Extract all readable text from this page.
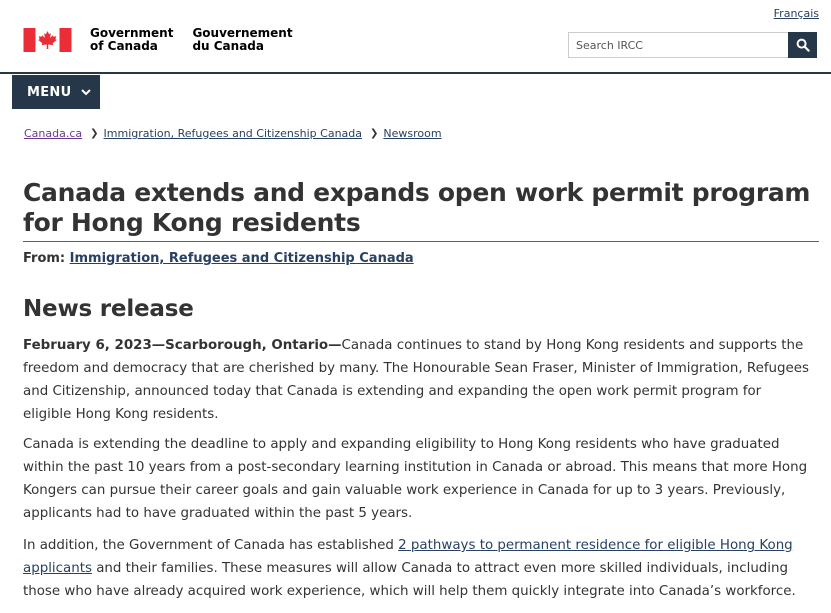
Français
Government
of Canada
Gouvernement
du Canada
Search IRCC
MENU
Canada.ca ❯ Immigration, Refugees and Citizenship Canada ❯ Newsroom
Canada extends and expands open work permit program for Hong Kong residents
From: Immigration, Refugees and Citizenship Canada
News release

February 6, 2023—Scarborough, Ontario—Canada continues to stand by Hong Kong residents and supports the freedom and democracy that are cherished by many. The Honourable Sean Fraser, Minister of Immigration, Refugees and Citizenship, announced today that Canada is extending and expanding the open work permit program for eligible Hong Kong residents.

Canada is extending the deadline to apply and expanding eligibility to Hong Kong residents who have graduated within the past 10 years from a post-secondary learning institution in Canada or abroad. This means that more Hong Kongers can pursue their career goals and gain valuable work experience in Canada for up to 3 years. Previously, applicants had to have graduated within the past 5 years.

In addition, the Government of Canada has established 2 pathways to permanent residence for eligible Hong Kong applicants and their families. These measures will allow Canada to attract even more skilled individuals, including those who have already acquired work experience, which will help them quickly integrate into Canada’s workforce.
